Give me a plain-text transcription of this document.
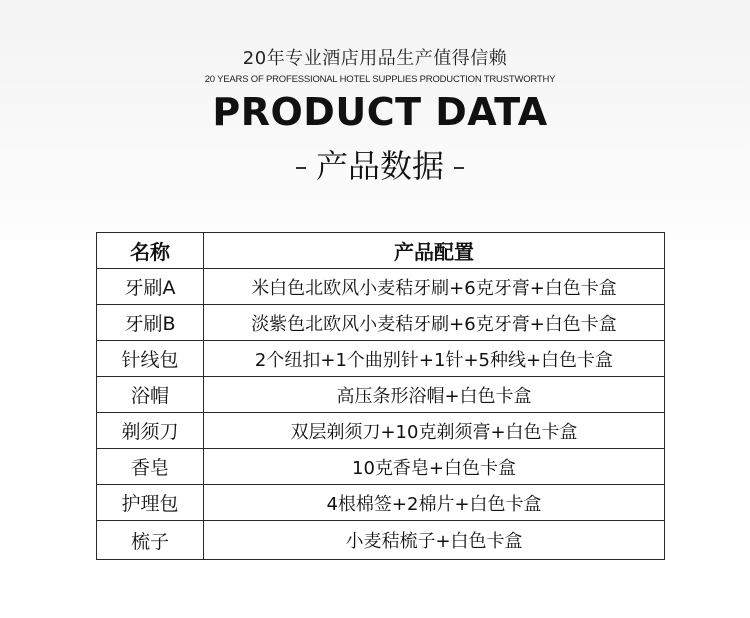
20年专业酒店用品生产值得信赖
20 YEARS OF PROFESSIONAL HOTEL SUPPLIES PRODUCTION TRUSTWORTHY
PRODUCT DATA
产品数据
名称	产品配置
牙刷A	米白色北欧风小麦秸牙刷+6克牙膏+白色卡盒
牙刷B	淡紫色北欧风小麦秸牙刷+6克牙膏+白色卡盒
针线包	2个纽扣+1个曲别针+1针+5种线+白色卡盒
浴帽	高压条形浴帽+白色卡盒
剃须刀	双层剃须刀+10克剃须膏+白色卡盒
香皂	10克香皂+白色卡盒
护理包	4根棉签+2棉片+白色卡盒
梳子	小麦秸梳子+白色卡盒
